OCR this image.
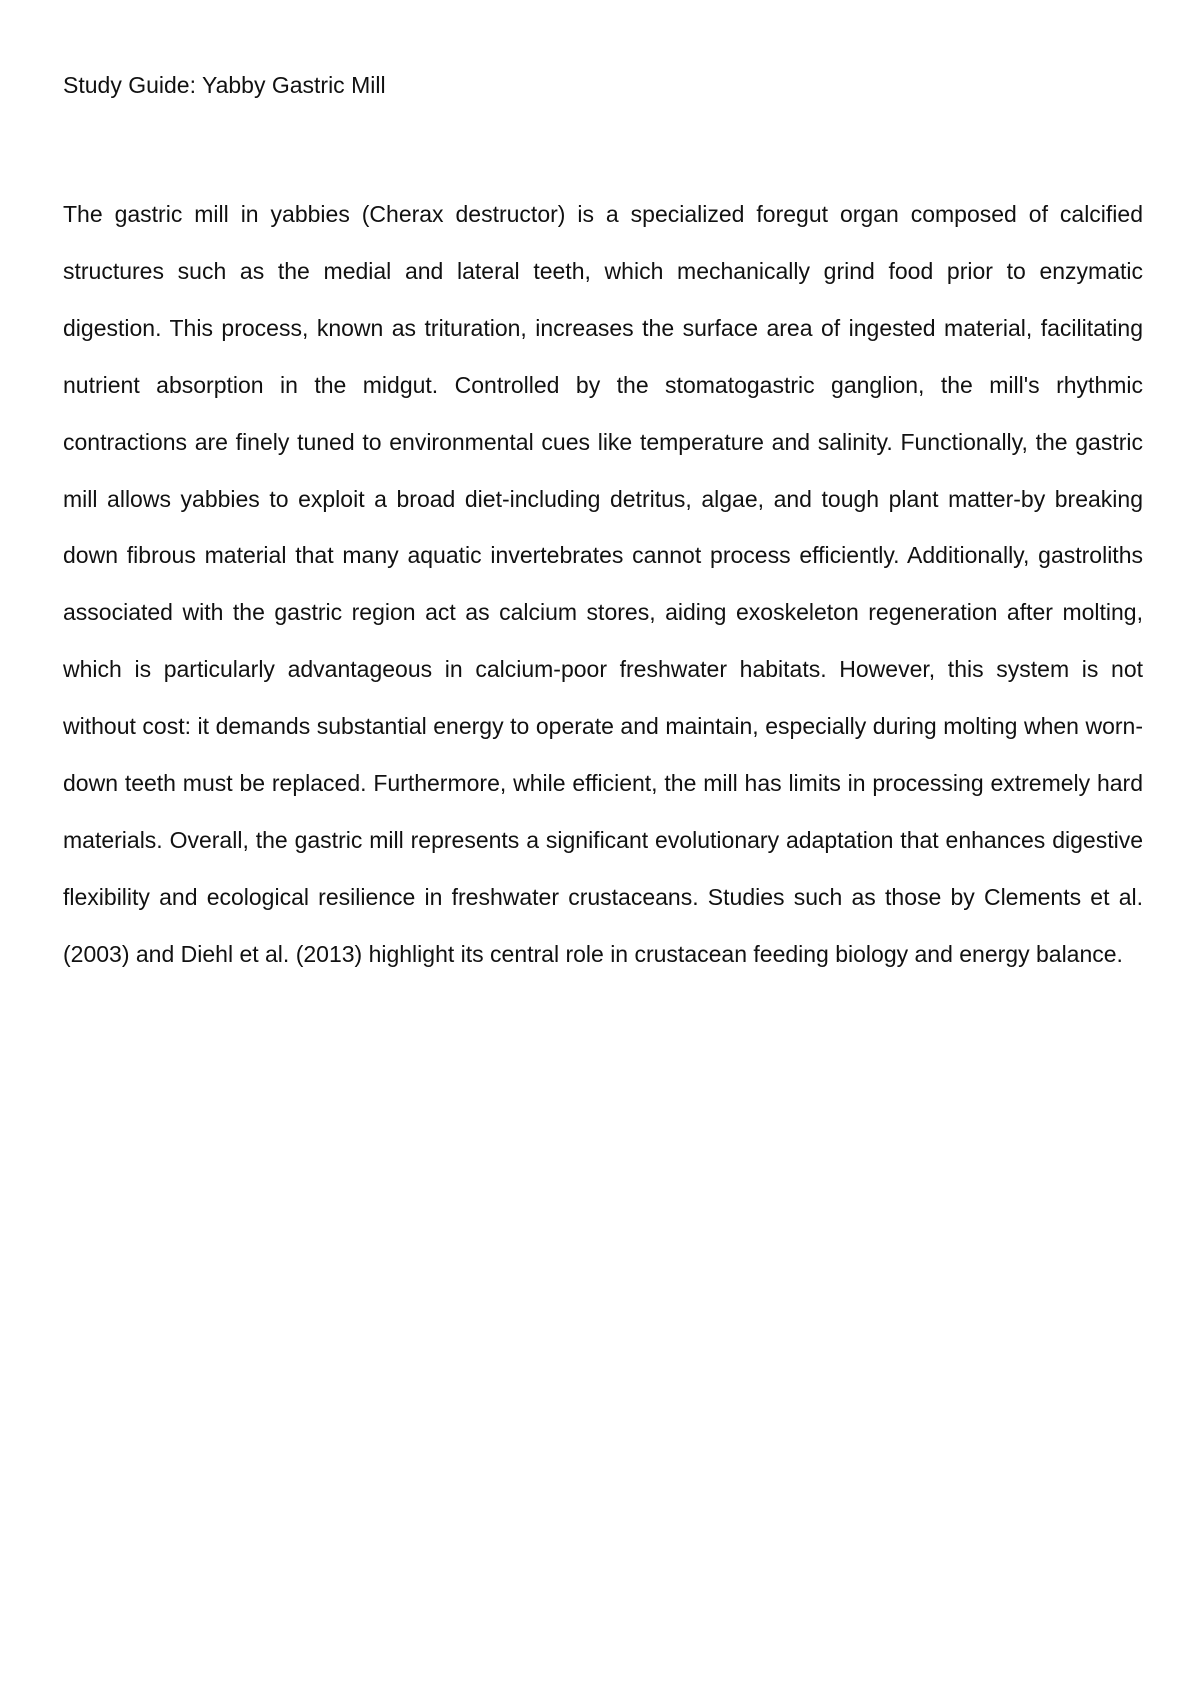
Study Guide: Yabby Gastric Mill

The gastric mill in yabbies (Cherax destructor) is a specialized foregut organ composed of calcified structures such as the medial and lateral teeth, which mechanically grind food prior to enzymatic digestion. This process, known as trituration, increases the surface area of ingested material, facilitating nutrient absorption in the midgut. Controlled by the stomatogastric ganglion, the mill's rhythmic contractions are finely tuned to environmental cues like temperature and salinity. Functionally, the gastric mill allows yabbies to exploit a broad diet-including detritus, algae, and tough plant matter-by breaking down fibrous material that many aquatic invertebrates cannot process efficiently. Additionally, gastroliths associated with the gastric region act as calcium stores, aiding exoskeleton regeneration after molting, which is particularly advantageous in calcium-poor freshwater habitats. However, this system is not without cost: it demands substantial energy to operate and maintain, especially during molting when worn-down teeth must be replaced. Furthermore, while efficient, the mill has limits in processing extremely hard materials. Overall, the gastric mill represents a significant evolutionary adaptation that enhances digestive flexibility and ecological resilience in freshwater crustaceans. Studies such as those by Clements et al. (2003) and Diehl et al. (2013) highlight its central role in crustacean feeding biology and energy balance.
